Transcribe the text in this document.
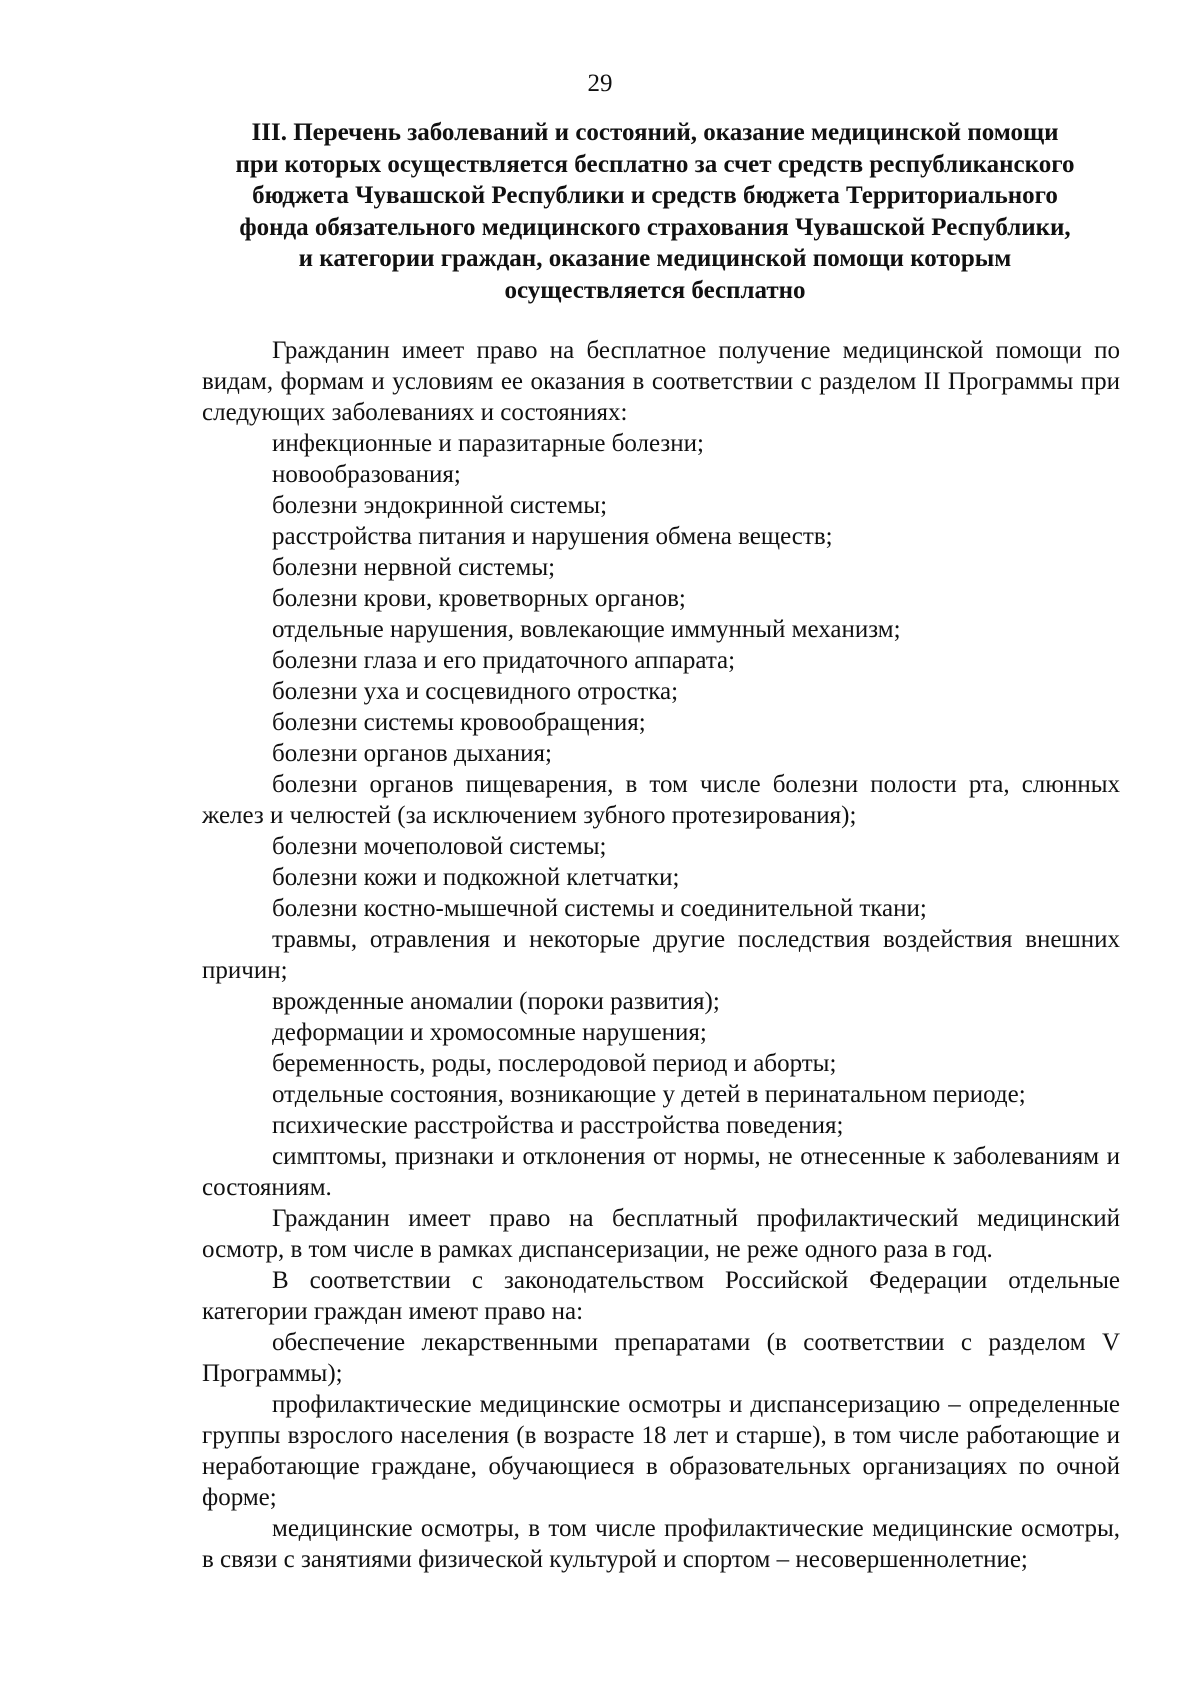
29
III. Перечень заболеваний и состояний, оказание медицинской помощи
при которых осуществляется бесплатно за счет средств республиканского
бюджета Чувашской Республики и средств бюджета Территориального
фонда обязательного медицинского страхования Чувашской Республики,
и категории граждан, оказание медицинской помощи которым
осуществляется бесплатно

Гражданин имеет право на бесплатное получение медицинской помощи по видам, формам и условиям ее оказания в соответствии с разделом II Программы при следующих заболеваниях и состояниях:

инфекционные и паразитарные болезни;

новообразования;

болезни эндокринной системы;

расстройства питания и нарушения обмена веществ;

болезни нервной системы;

болезни крови, кроветворных органов;

отдельные нарушения, вовлекающие иммунный механизм;

болезни глаза и его придаточного аппарата;

болезни уха и сосцевидного отростка;

болезни системы кровообращения;

болезни органов дыхания;

болезни органов пищеварения, в том числе болезни полости рта, слюнных желез и челюстей (за исключением зубного протезирования);

болезни мочеполовой системы;

болезни кожи и подкожной клетчатки;

болезни костно-мышечной системы и соединительной ткани;

травмы, отравления и некоторые другие последствия воздействия внешних причин;

врожденные аномалии (пороки развития);

деформации и хромосомные нарушения;

беременность, роды, послеродовой период и аборты;

отдельные состояния, возникающие у детей в перинатальном периоде;

психические расстройства и расстройства поведения;

симптомы, признаки и отклонения от нормы, не отнесенные к заболеваниям и состояниям.

Гражданин имеет право на бесплатный профилактический медицинский осмотр, в том числе в рамках диспансеризации, не реже одного раза в год.

В соответствии с законодательством Российской Федерации отдельные категории граждан имеют право на:

обеспечение лекарственными препаратами (в соответствии с разделом V Программы);

профилактические медицинские осмотры и диспансеризацию – определенные группы взрослого населения (в возрасте 18 лет и старше), в том числе работающие и неработающие граждане, обучающиеся в образовательных организациях по очной форме;

медицинские осмотры, в том числе профилактические медицинские осмотры, в связи с занятиями физической культурой и спортом – несовершеннолетние;
